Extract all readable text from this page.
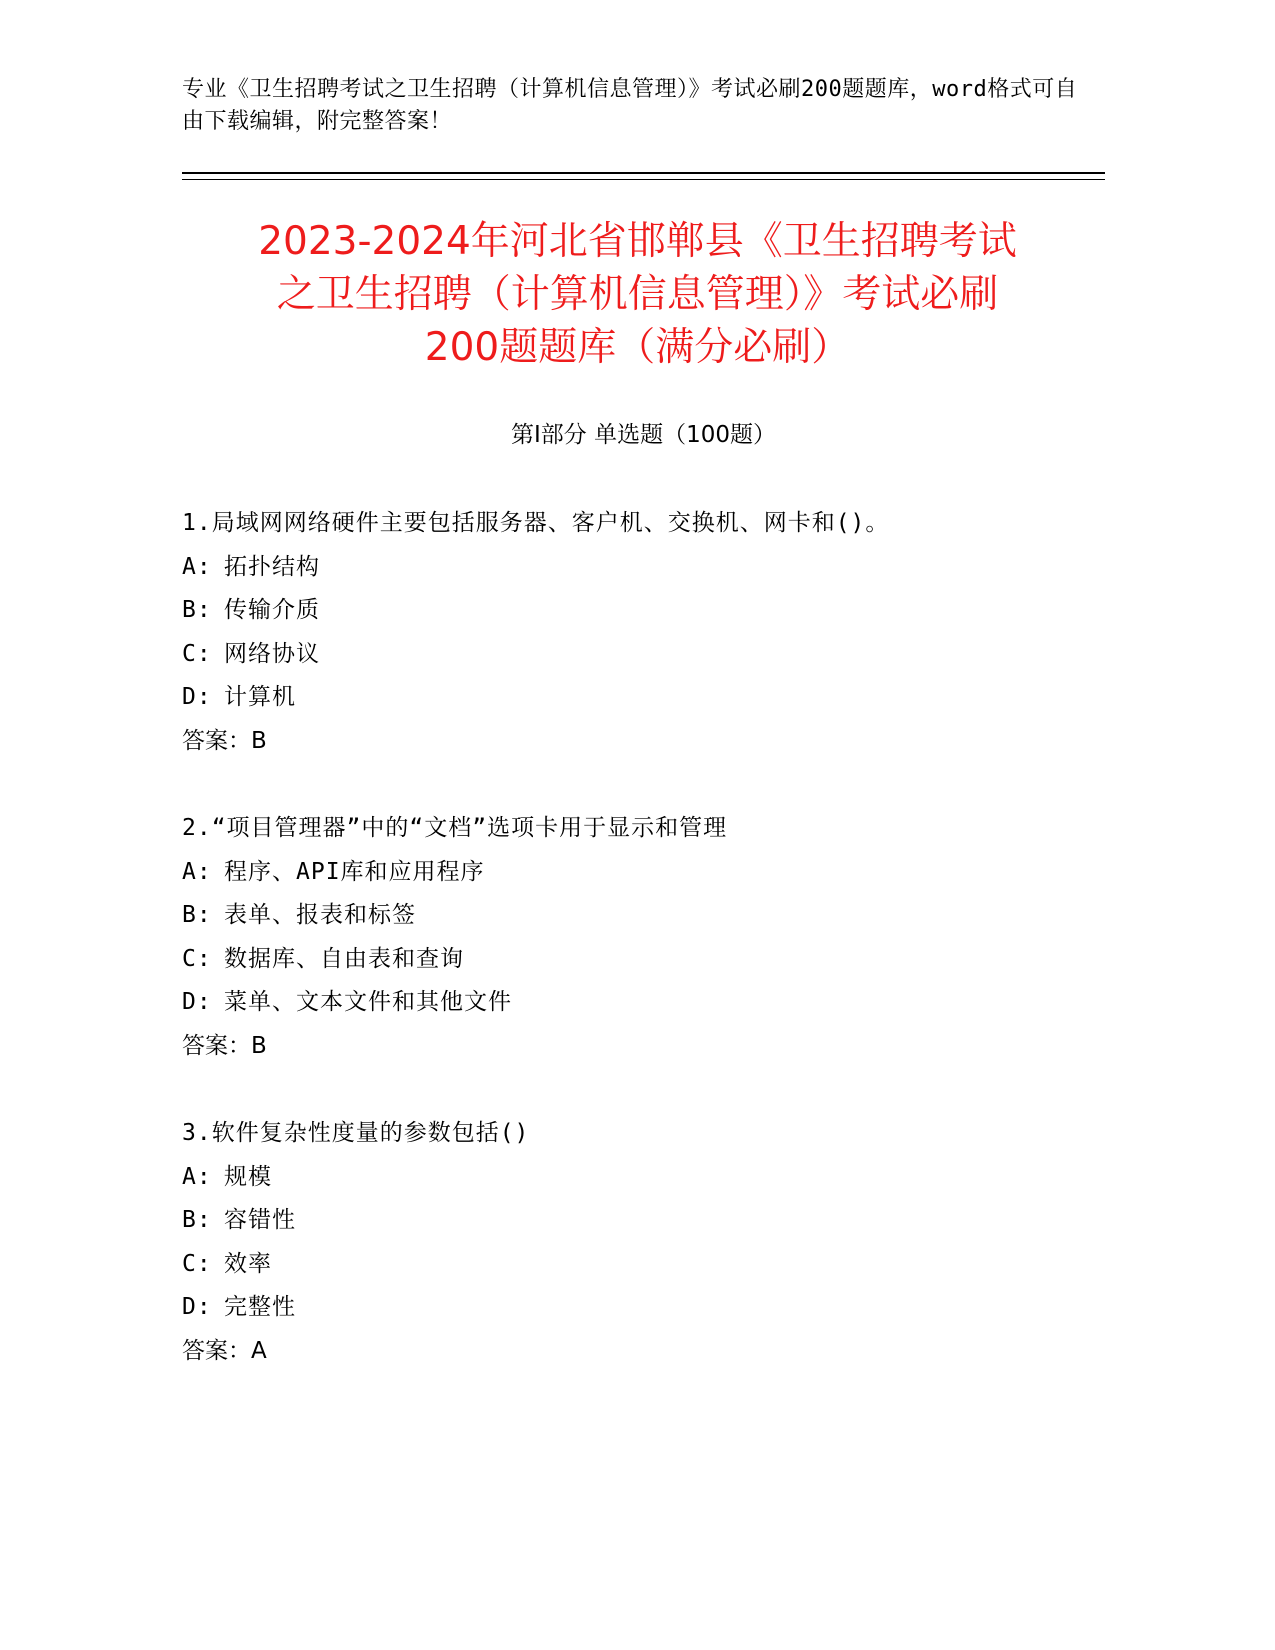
专业《卫生招聘考试之卫生招聘（计算机信息管理）》考试必刷200题题库，word格式可自由下载编辑，附完整答案！
2023-2024年河北省邯郸县《卫生招聘考试
之卫生招聘（计算机信息管理）》考试必刷
200题题库（满分必刷）
第Ⅰ部分 单选题（100题）
1.局域网网络硬件主要包括服务器、客户机、交换机、网卡和()。
A: 拓扑结构
B: 传输介质
C: 网络协议
D: 计算机
答案：B
2.“项目管理器”中的“文档”选项卡用于显示和管理
A: 程序、API库和应用程序
B: 表单、报表和标签
C: 数据库、自由表和查询
D: 菜单、文本文件和其他文件
答案：B
3.软件复杂性度量的参数包括()
A: 规模
B: 容错性
C: 效率
D: 完整性
答案：A
